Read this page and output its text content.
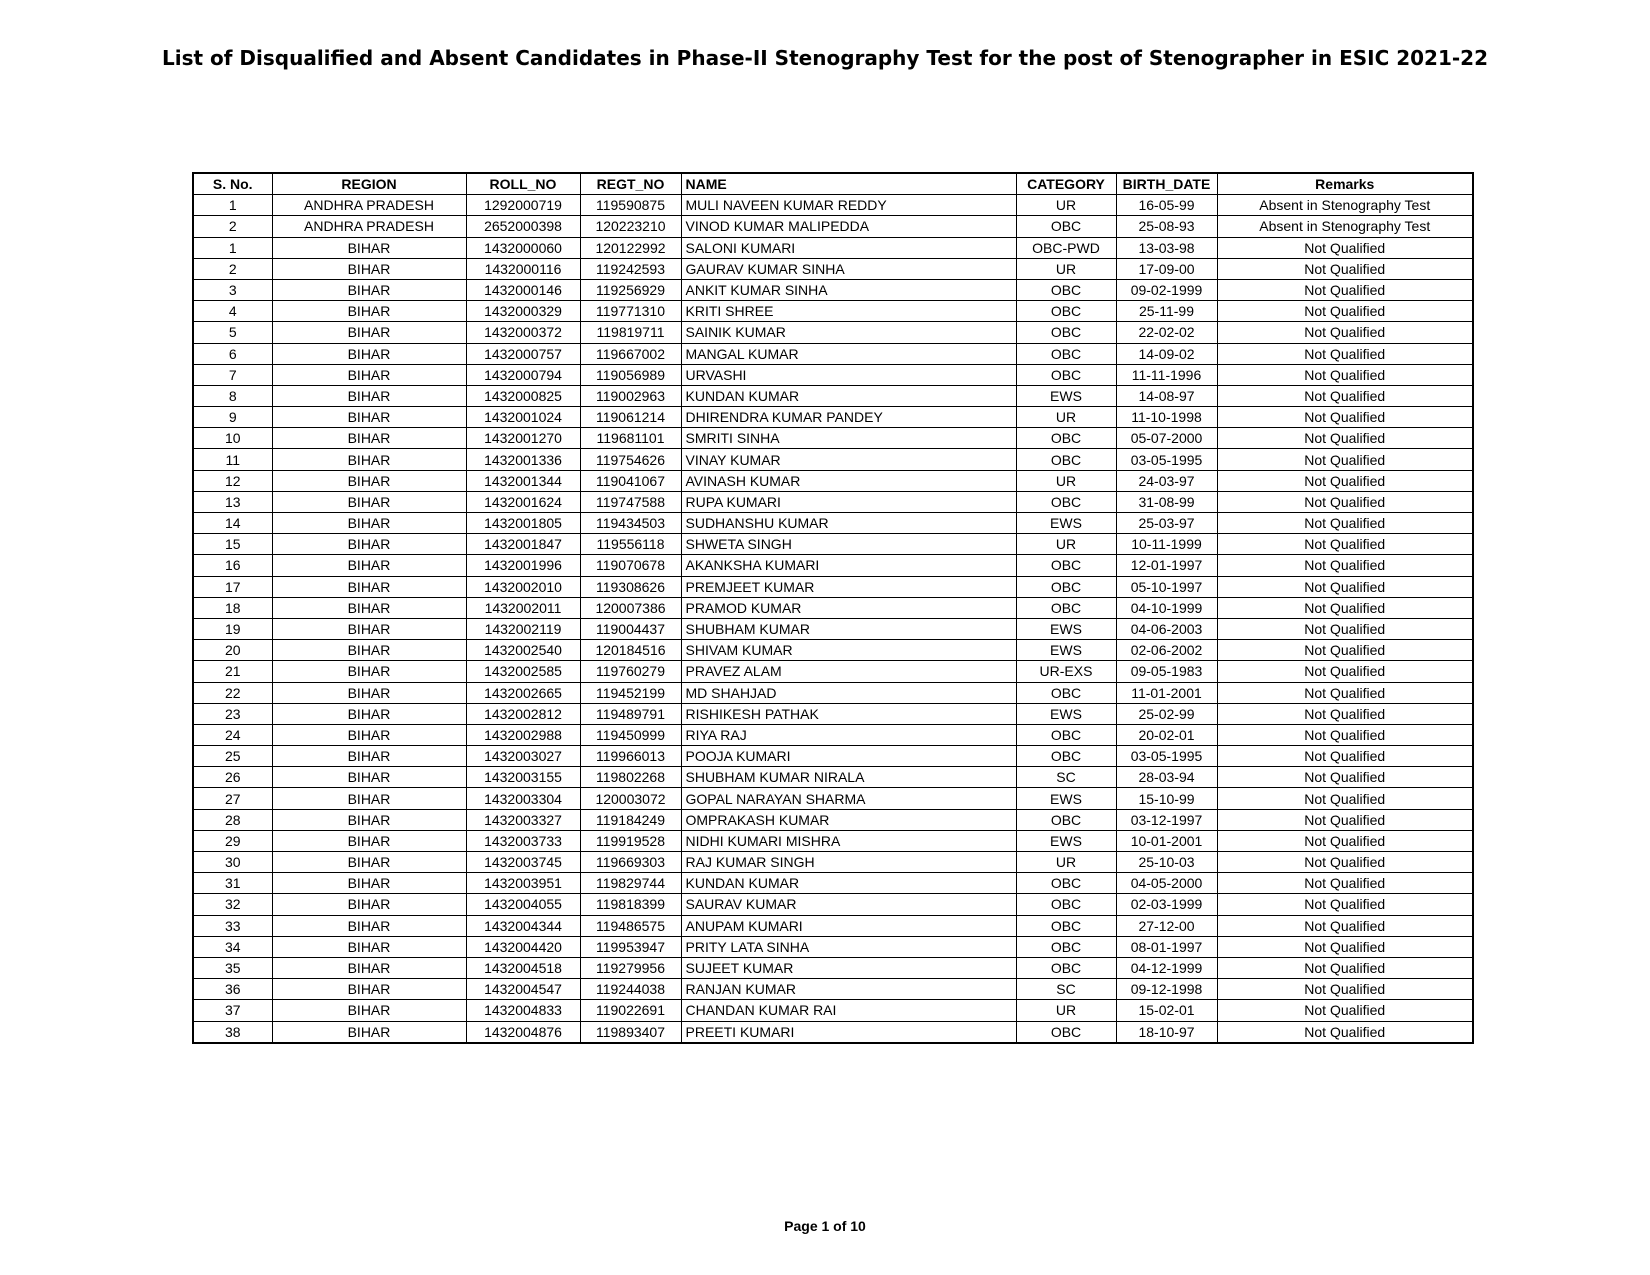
List of Disqualified and Absent Candidates in Phase-II Stenography Test for the post of Stenographer in ESIC 2021-22
S. No.	REGION	ROLL_NO	REGT_NO	NAME	CATEGORY	BIRTH_DATE	Remarks
1	ANDHRA PRADESH	1292000719	119590875	MULI NAVEEN KUMAR REDDY	UR	16-05-99	Absent in Stenography Test
2	ANDHRA PRADESH	2652000398	120223210	VINOD KUMAR MALIPEDDA	OBC	25-08-93	Absent in Stenography Test
1	BIHAR	1432000060	120122992	SALONI KUMARI	OBC-PWD	13-03-98	Not Qualified
2	BIHAR	1432000116	119242593	GAURAV KUMAR SINHA	UR	17-09-00	Not Qualified
3	BIHAR	1432000146	119256929	ANKIT KUMAR SINHA	OBC	09-02-1999	Not Qualified
4	BIHAR	1432000329	119771310	KRITI SHREE	OBC	25-11-99	Not Qualified
5	BIHAR	1432000372	119819711	SAINIK KUMAR	OBC	22-02-02	Not Qualified
6	BIHAR	1432000757	119667002	MANGAL KUMAR	OBC	14-09-02	Not Qualified
7	BIHAR	1432000794	119056989	URVASHI	OBC	11-11-1996	Not Qualified
8	BIHAR	1432000825	119002963	KUNDAN KUMAR	EWS	14-08-97	Not Qualified
9	BIHAR	1432001024	119061214	DHIRENDRA KUMAR PANDEY	UR	11-10-1998	Not Qualified
10	BIHAR	1432001270	119681101	SMRITI SINHA	OBC	05-07-2000	Not Qualified
11	BIHAR	1432001336	119754626	VINAY KUMAR	OBC	03-05-1995	Not Qualified
12	BIHAR	1432001344	119041067	AVINASH KUMAR	UR	24-03-97	Not Qualified
13	BIHAR	1432001624	119747588	RUPA KUMARI	OBC	31-08-99	Not Qualified
14	BIHAR	1432001805	119434503	SUDHANSHU KUMAR	EWS	25-03-97	Not Qualified
15	BIHAR	1432001847	119556118	SHWETA SINGH	UR	10-11-1999	Not Qualified
16	BIHAR	1432001996	119070678	AKANKSHA KUMARI	OBC	12-01-1997	Not Qualified
17	BIHAR	1432002010	119308626	PREMJEET KUMAR	OBC	05-10-1997	Not Qualified
18	BIHAR	1432002011	120007386	PRAMOD KUMAR	OBC	04-10-1999	Not Qualified
19	BIHAR	1432002119	119004437	SHUBHAM KUMAR	EWS	04-06-2003	Not Qualified
20	BIHAR	1432002540	120184516	SHIVAM KUMAR	EWS	02-06-2002	Not Qualified
21	BIHAR	1432002585	119760279	PRAVEZ ALAM	UR-EXS	09-05-1983	Not Qualified
22	BIHAR	1432002665	119452199	MD SHAHJAD	OBC	11-01-2001	Not Qualified
23	BIHAR	1432002812	119489791	RISHIKESH PATHAK	EWS	25-02-99	Not Qualified
24	BIHAR	1432002988	119450999	RIYA RAJ	OBC	20-02-01	Not Qualified
25	BIHAR	1432003027	119966013	POOJA KUMARI	OBC	03-05-1995	Not Qualified
26	BIHAR	1432003155	119802268	SHUBHAM KUMAR NIRALA	SC	28-03-94	Not Qualified
27	BIHAR	1432003304	120003072	GOPAL NARAYAN SHARMA	EWS	15-10-99	Not Qualified
28	BIHAR	1432003327	119184249	OMPRAKASH KUMAR	OBC	03-12-1997	Not Qualified
29	BIHAR	1432003733	119919528	NIDHI KUMARI MISHRA	EWS	10-01-2001	Not Qualified
30	BIHAR	1432003745	119669303	RAJ KUMAR SINGH	UR	25-10-03	Not Qualified
31	BIHAR	1432003951	119829744	KUNDAN KUMAR	OBC	04-05-2000	Not Qualified
32	BIHAR	1432004055	119818399	SAURAV KUMAR	OBC	02-03-1999	Not Qualified
33	BIHAR	1432004344	119486575	ANUPAM KUMARI	OBC	27-12-00	Not Qualified
34	BIHAR	1432004420	119953947	PRITY LATA SINHA	OBC	08-01-1997	Not Qualified
35	BIHAR	1432004518	119279956	SUJEET KUMAR	OBC	04-12-1999	Not Qualified
36	BIHAR	1432004547	119244038	RANJAN KUMAR	SC	09-12-1998	Not Qualified
37	BIHAR	1432004833	119022691	CHANDAN KUMAR RAI	UR	15-02-01	Not Qualified
38	BIHAR	1432004876	119893407	PREETI KUMARI	OBC	18-10-97	Not Qualified
Page 1 of 10
